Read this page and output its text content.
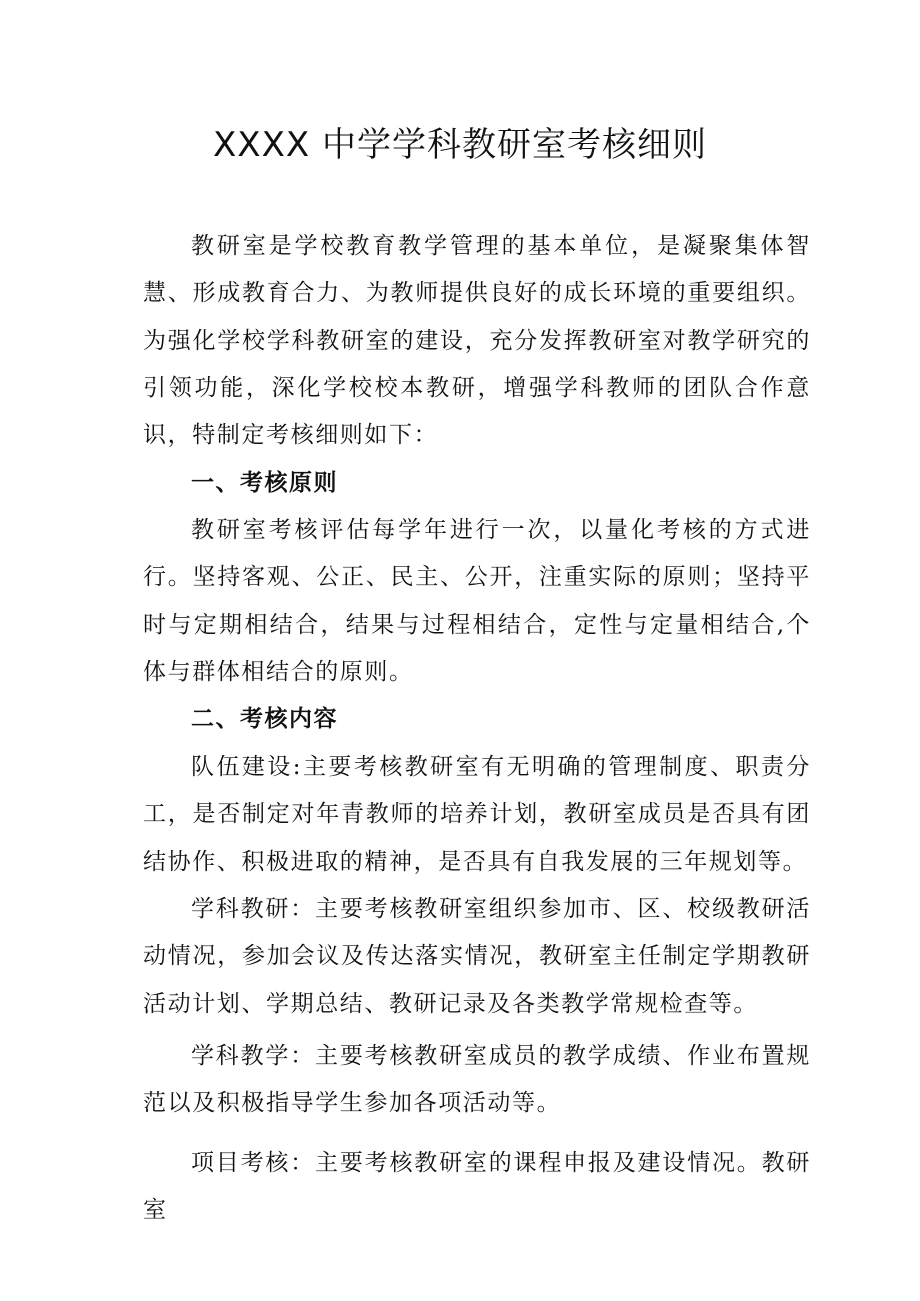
XXXX 中学学科教研室考核细则

教研室是学校教育教学管理的基本单位，是凝聚集体智慧、形成教育合力、为教师提供良好的成长环境的重要组织。为强化学校学科教研室的建设，充分发挥教研室对教学研究的引领功能，深化学校校本教研，增强学科教师的团队合作意识，特制定考核细则如下：

一、考核原则

教研室考核评估每学年进行一次，以量化考核的方式进行。坚持客观、公正、民主、公开，注重实际的原则；坚持平时与定期相结合，结果与过程相结合，定性与定量相结合,个体与群体相结合的原则。

二、考核内容

队伍建设:主要考核教研室有无明确的管理制度、职责分工，是否制定对年青教师的培养计划，教研室成员是否具有团结协作、积极进取的精神，是否具有自我发展的三年规划等。

学科教研：主要考核教研室组织参加市、区、校级教研活动情况，参加会议及传达落实情况，教研室主任制定学期教研活动计划、学期总结、教研记录及各类教学常规检查等。

学科教学：主要考核教研室成员的教学成绩、作业布置规范以及积极指导学生参加各项活动等。

项目考核：主要考核教研室的课程申报及建设情况。教研室
